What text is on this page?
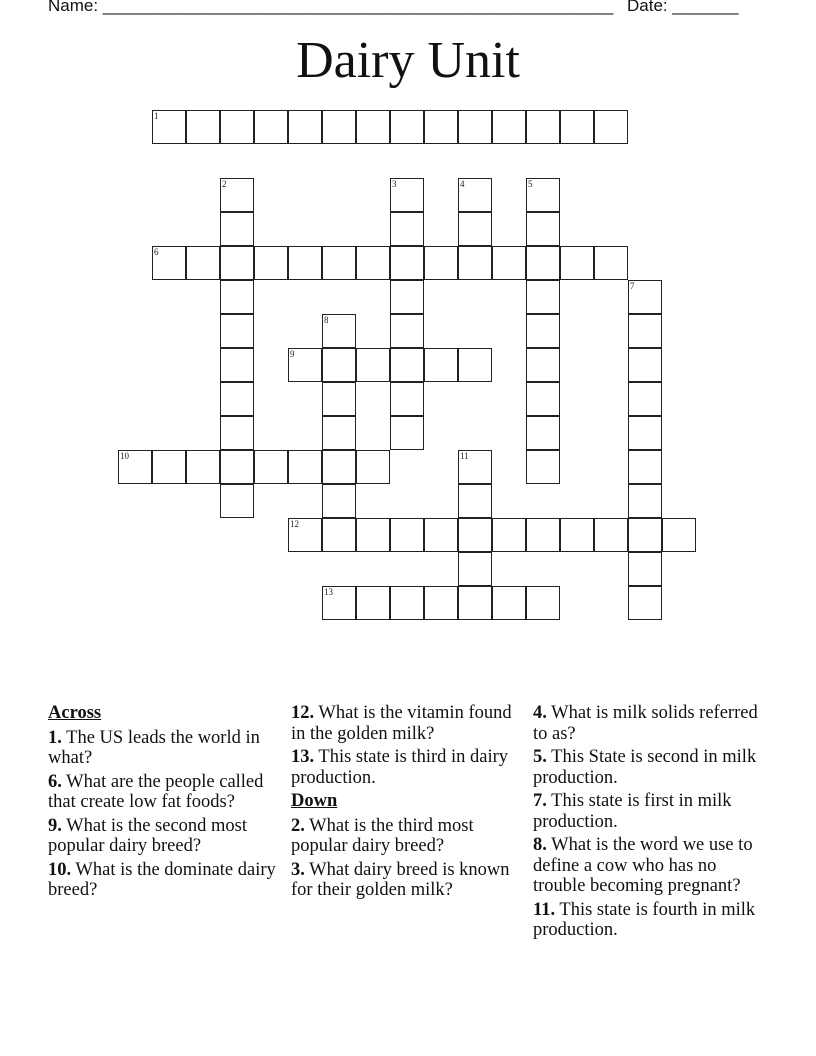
Name: ______________________________________________________ Date: _______
Dairy Unit
1
6
9
10
12
13
2	3	4	5
7
8
11
Across
1. The US leads the world in what?
6. What are the people called that create low fat foods?
9. What is the second most popular dairy breed?
10. What is the dominate dairy breed?
12. What is the vitamin found in the golden milk?
13. This state is third in dairy production.
Down
2. What is the third most popular dairy breed?
3. What dairy breed is known for their golden milk?
4. What is milk solids referred to as?
5. This State is second in milk production.
7. This state is first in milk production.
8. What is the word we use to define a cow who has no trouble becoming pregnant?
11. This state is fourth in milk production.
